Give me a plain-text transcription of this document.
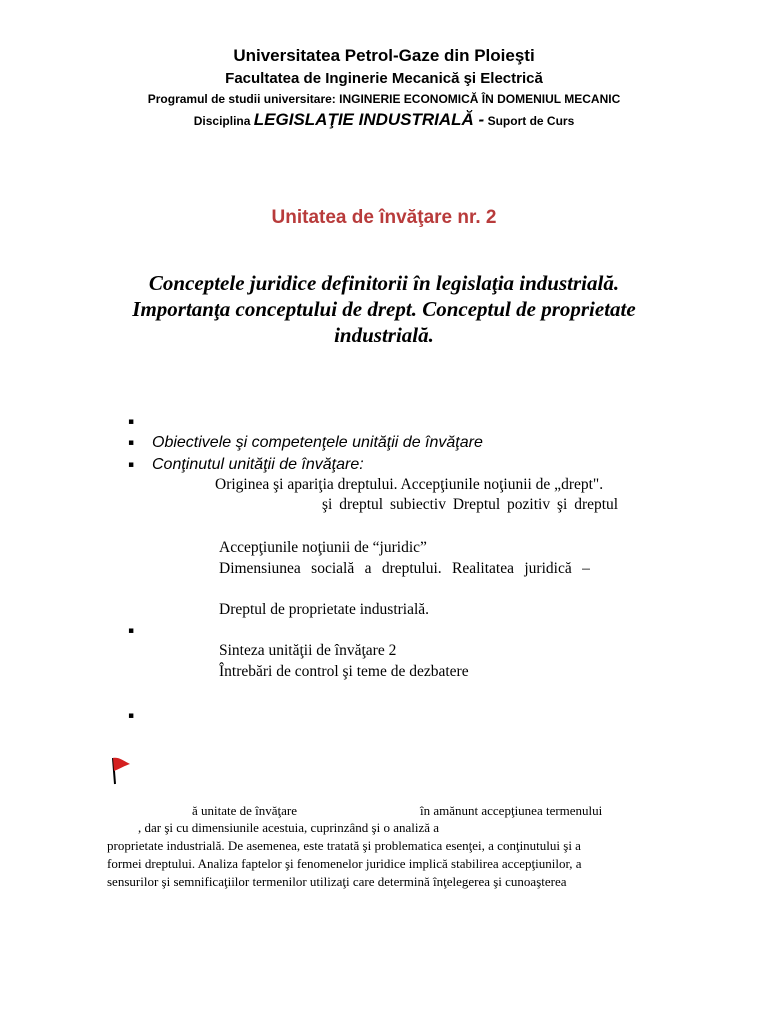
Universitatea Petrol-Gaze din Ploieşti
Facultatea de Inginerie Mecanică şi Electrică
Programul de studii universitare: INGINERIE ECONOMICĂ ÎN DOMENIUL MECANIC
Disciplina LEGISLAŢIE INDUSTRIALĂ - Suport de Curs
Unitatea de învăţare nr. 2
Conceptele juridice definitorii în legislaţia industrială.
Importanţa conceptului de drept. Conceptul de proprietate
industrială.
▪
▪ Obiectivele şi competenţele unităţii de învăţare
▪ Conţinutul unităţii de învăţare:
Originea şi apariţia dreptului. Accepţiunile noţiunii de „drept".
şi dreptul subiectiv Dreptul pozitiv şi dreptul
Accepţiunile noţiunii de “juridic”
Dimensiunea socială a dreptului. Realitatea juridică –
Dreptul de proprietate industrială.
▪
Sinteza unităţii de învăţare 2
Întrebări de control şi teme de dezbatere
▪
ă unitate de învăţare	în amănunt accepţiunea termenului
, dar şi cu dimensiunile acestuia, cuprinzând şi o analiză a
proprietate industrială. De asemenea, este tratată şi problematica esenţei, a conţinutului şi a
formei dreptului. Analiza faptelor şi fenomenelor juridice implică stabilirea accepţiunilor, a
sensurilor şi semnificaţiilor termenilor utilizaţi care determină înţelegerea şi cunoaşterea
